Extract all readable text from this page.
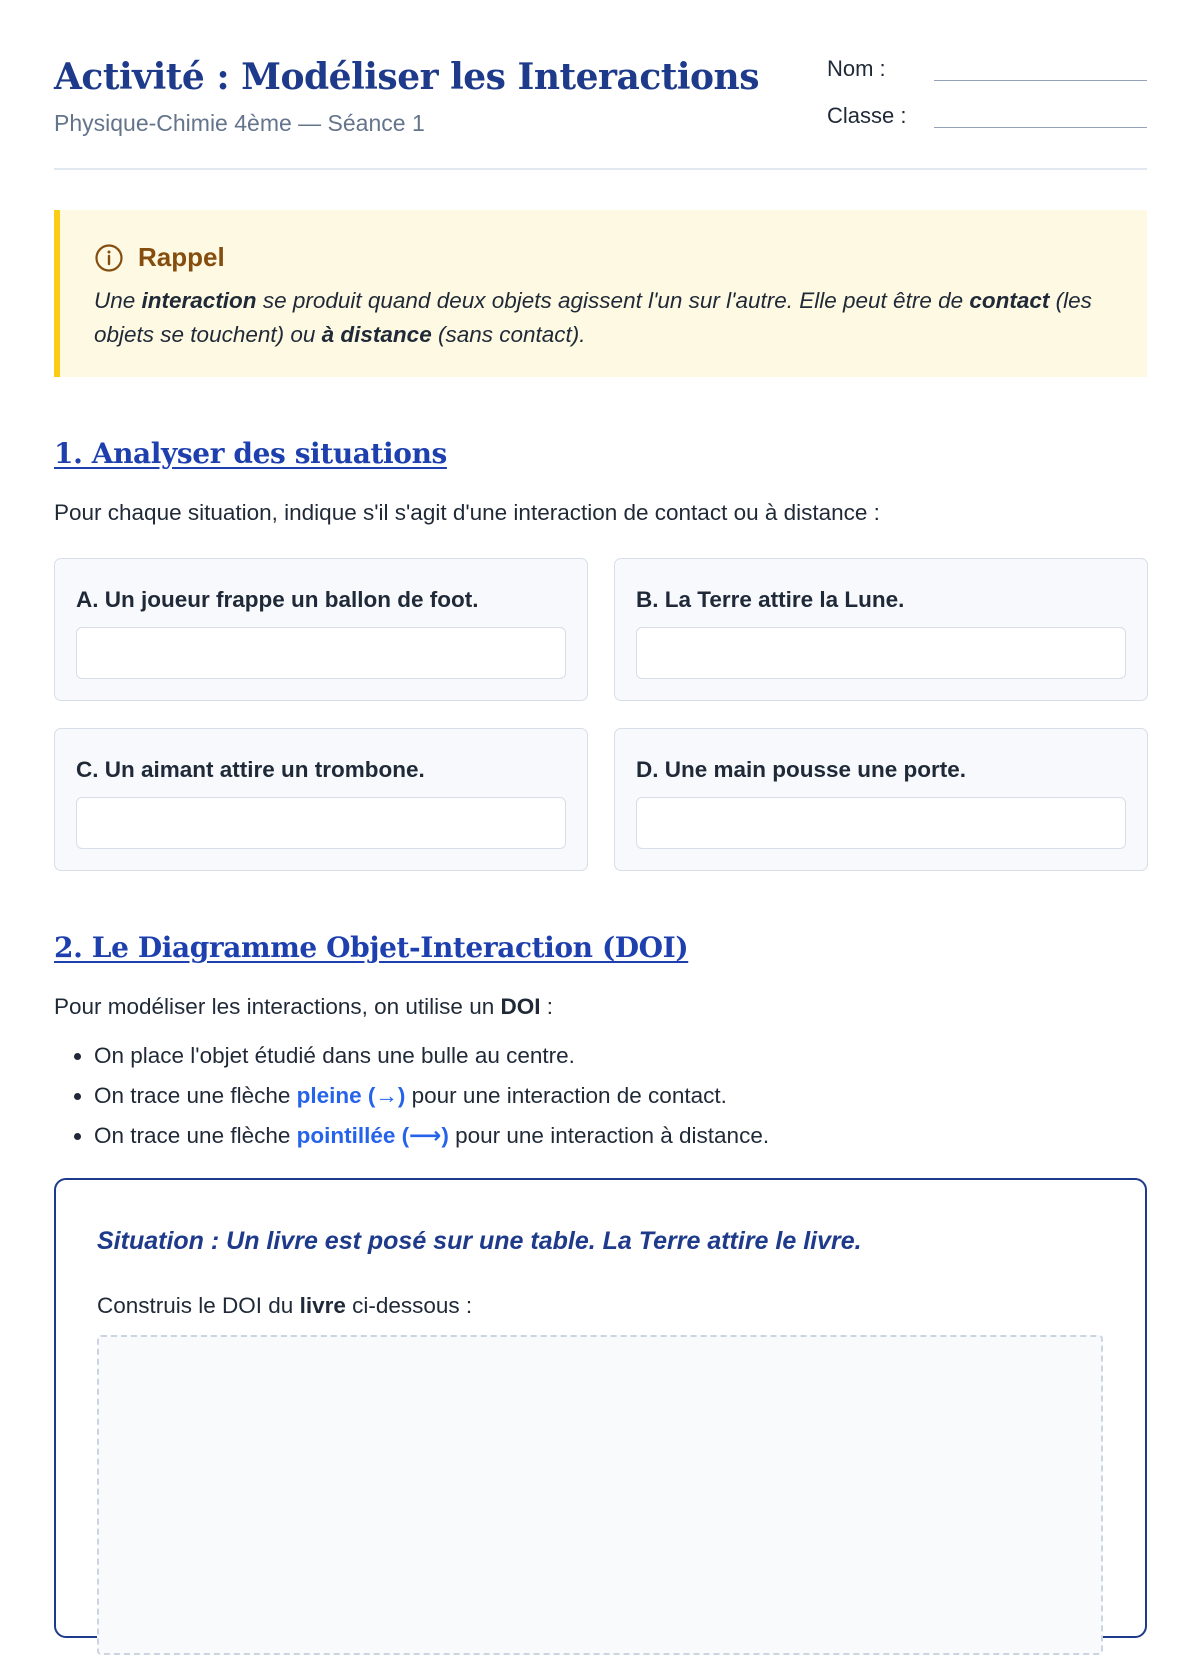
Activité : Modéliser les Interactions
Physique-Chimie 4ème — Séance 1
Nom :
Classe :
Rappel
Une interaction se produit quand deux objets agissent l'un sur l'autre. Elle peut être de contact (les objets se touchent) ou à distance (sans contact).
1. Analyser des situations
Pour chaque situation, indique s'il s'agit d'une interaction de contact ou à distance :
A. Un joueur frappe un ballon de foot.	B. La Terre attire la Lune.
C. Un aimant attire un trombone.	D. Une main pousse une porte.
2. Le Diagramme Objet-Interaction (DOI)
Pour modéliser les interactions, on utilise un DOI :
• On place l'objet étudié dans une bulle au centre.
• On trace une flèche pleine (→) pour une interaction de contact.
• On trace une flèche pointillée (⟶) pour une interaction à distance.
Situation : Un livre est posé sur une table. La Terre attire le livre.
Construis le DOI du livre ci-dessous :
